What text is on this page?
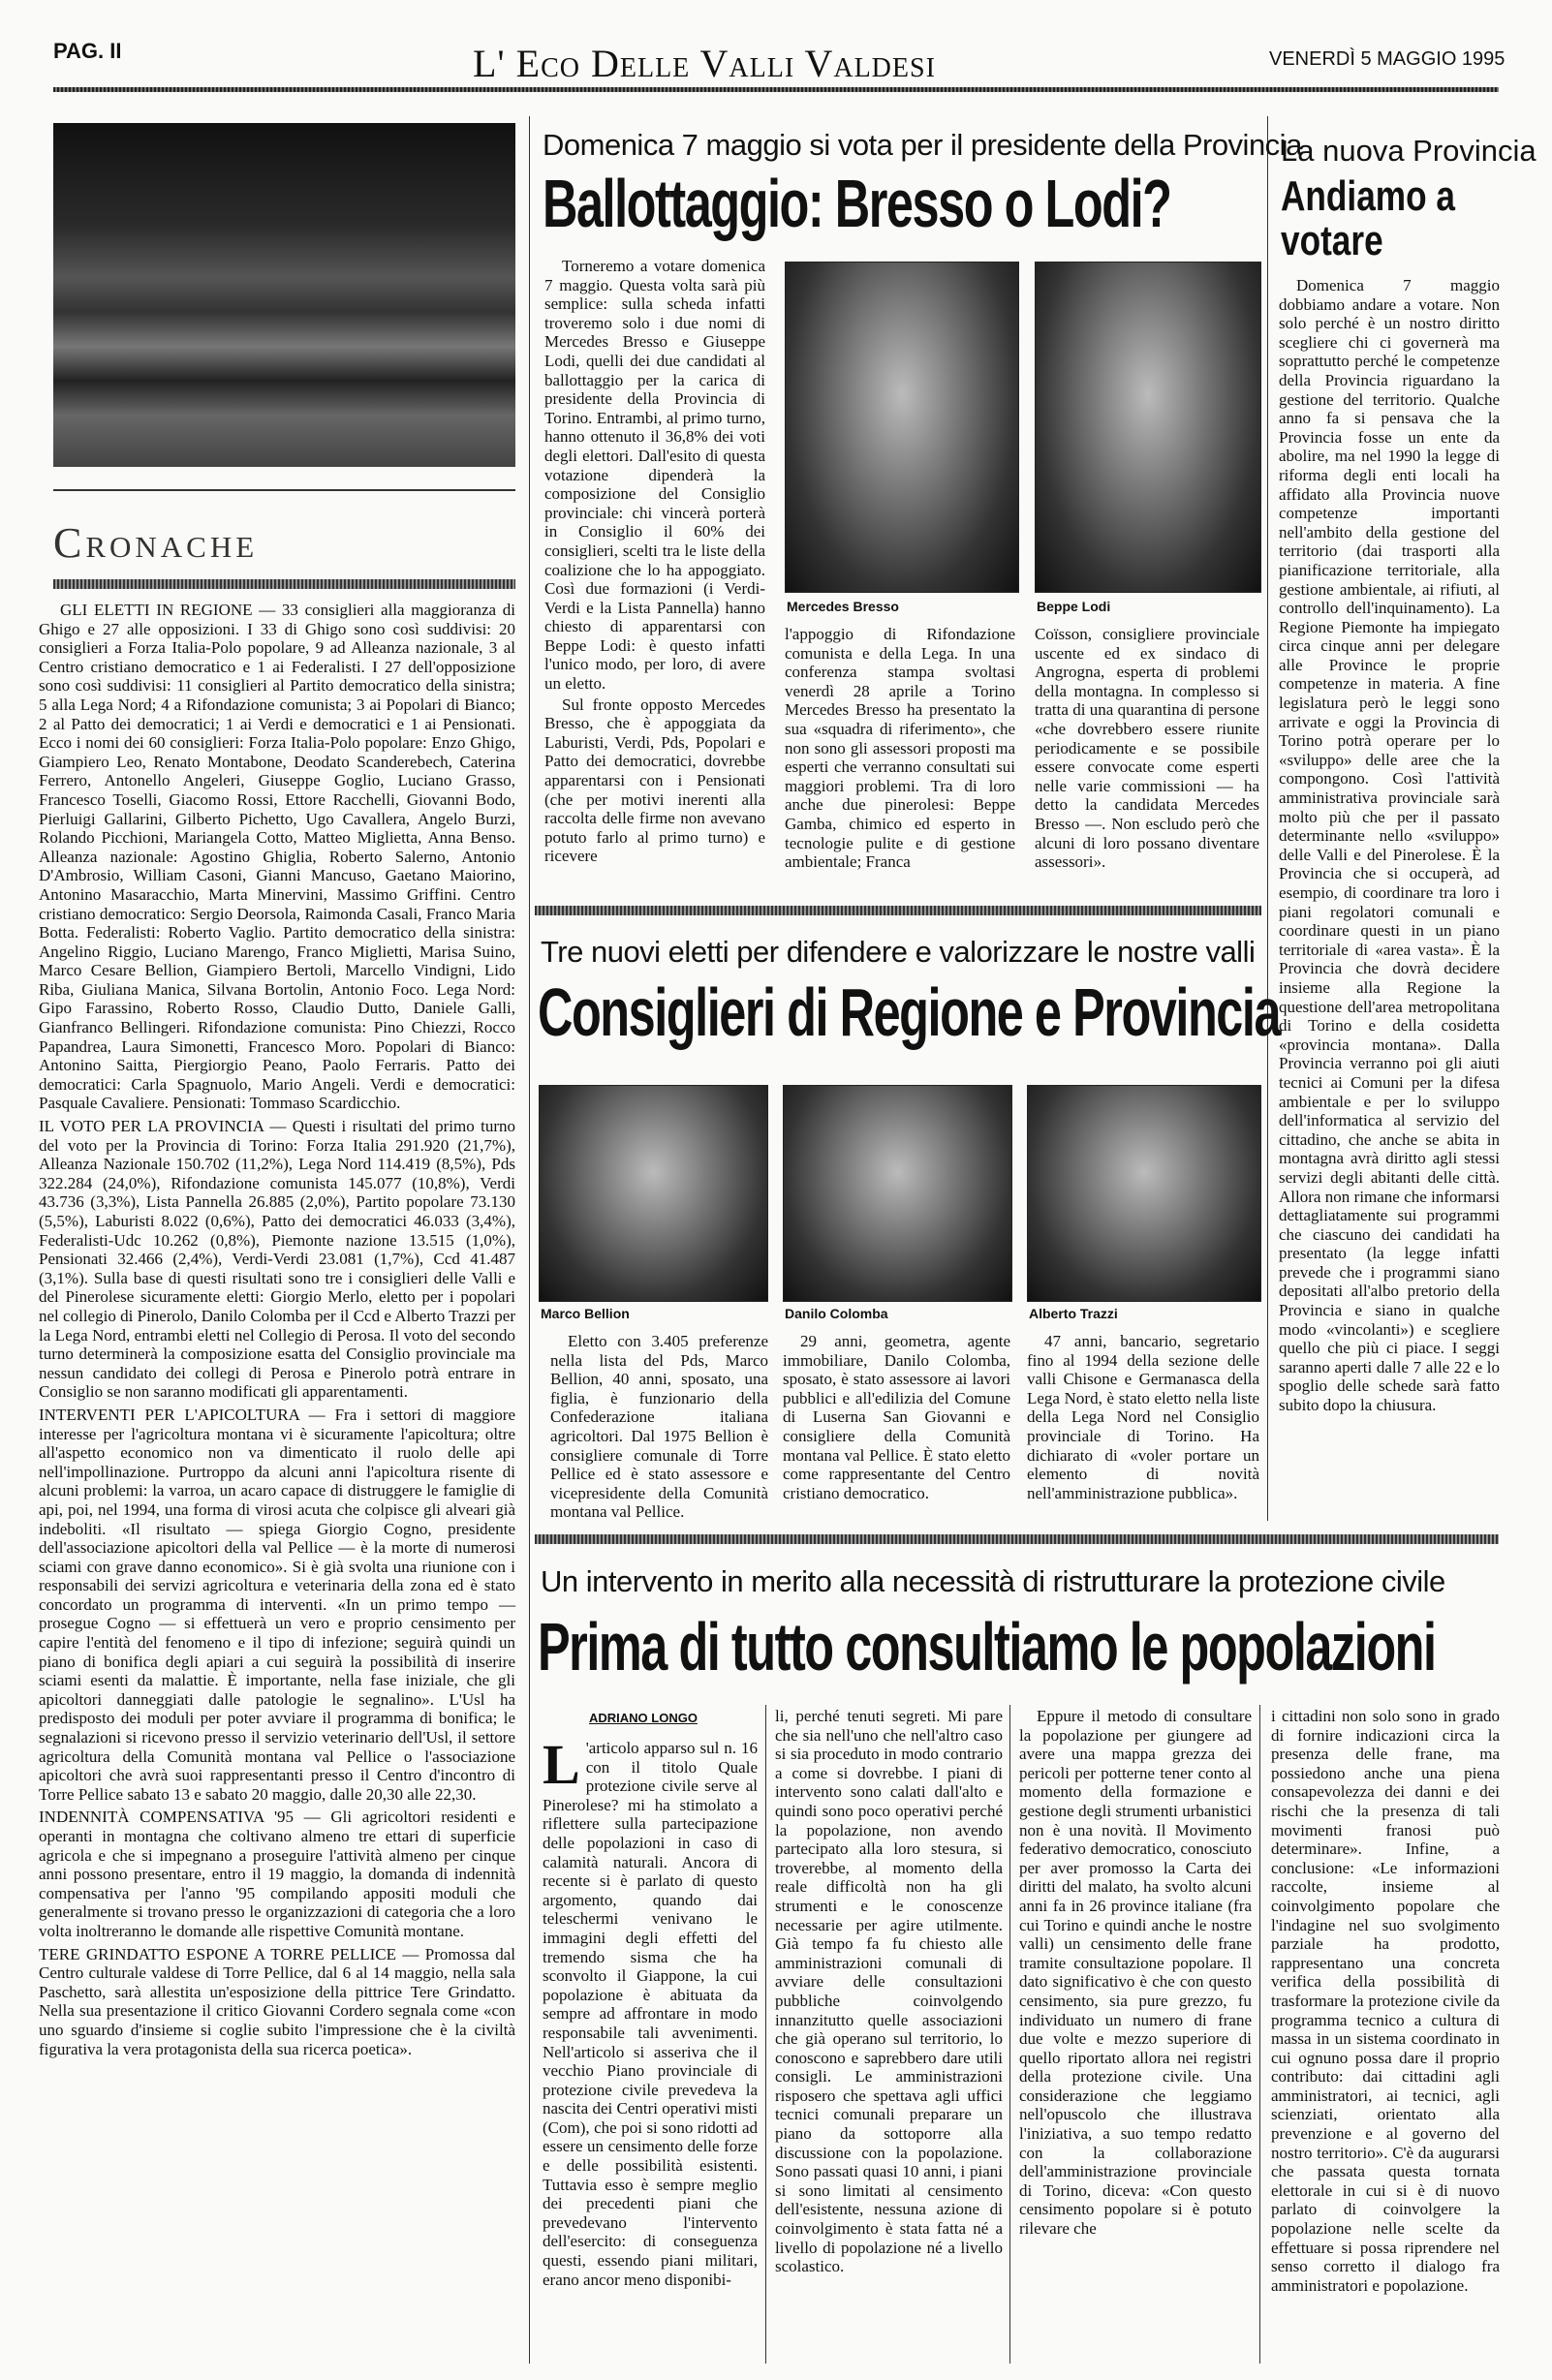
PAG. II	L' Eco Delle Valli Valdesi	VENERDÌ 5 MAGGIO 1995
Cronache

GLI ELETTI IN REGIONE — 33 consiglieri alla maggioranza di Ghigo e 27 alle opposizioni. I 33 di Ghigo sono così suddivisi: 20 consiglieri a Forza Italia-Polo popolare, 9 ad Alleanza nazionale, 3 al Centro cristiano democratico e 1 ai Federalisti. I 27 dell'opposizione sono così suddivisi: 11 consiglieri al Partito democratico della sinistra; 5 alla Lega Nord; 4 a Rifondazione comunista; 3 ai Popolari di Bianco; 2 al Patto dei democratici; 1 ai Verdi e democratici e 1 ai Pensionati. Ecco i nomi dei 60 consiglieri: Forza Italia-Polo popolare: Enzo Ghigo, Giampiero Leo, Renato Montabone, Deodato Scanderebech, Caterina Ferrero, Antonello Angeleri, Giuseppe Goglio, Luciano Grasso, Francesco Toselli, Giacomo Rossi, Ettore Racchelli, Giovanni Bodo, Pierluigi Gallarini, Gilberto Pichetto, Ugo Cavallera, Angelo Burzi, Rolando Picchioni, Mariangela Cotto, Matteo Miglietta, Anna Benso. Alleanza nazionale: Agostino Ghiglia, Roberto Salerno, Antonio D'Ambrosio, William Casoni, Gianni Mancuso, Gaetano Maiorino, Antonino Masaracchio, Marta Minervini, Massimo Griffini. Centro cristiano democratico: Sergio Deorsola, Raimonda Casali, Franco Maria Botta. Federalisti: Roberto Vaglio. Partito democratico della sinistra: Angelino Riggio, Luciano Marengo, Franco Miglietti, Marisa Suino, Marco Cesare Bellion, Giampiero Bertoli, Marcello Vindigni, Lido Riba, Giuliana Manica, Silvana Bortolin, Antonio Foco. Lega Nord: Gipo Farassino, Roberto Rosso, Claudio Dutto, Daniele Galli, Gianfranco Bellingeri. Rifondazione comunista: Pino Chiezzi, Rocco Papandrea, Laura Simonetti, Francesco Moro. Popolari di Bianco: Antonino Saitta, Piergiorgio Peano, Paolo Ferraris. Patto dei democratici: Carla Spagnuolo, Mario Angeli. Verdi e democratici: Pasquale Cavaliere. Pensionati: Tommaso Scardicchio.

IL VOTO PER LA PROVINCIA — Questi i risultati del primo turno del voto per la Provincia di Torino: Forza Italia 291.920 (21,7%), Alleanza Nazionale 150.702 (11,2%), Lega Nord 114.419 (8,5%), Pds 322.284 (24,0%), Rifondazione comunista 145.077 (10,8%), Verdi 43.736 (3,3%), Lista Pannella 26.885 (2,0%), Partito popolare 73.130 (5,5%), Laburisti 8.022 (0,6%), Patto dei democratici 46.033 (3,4%), Federalisti-Udc 10.262 (0,8%), Piemonte nazione 13.515 (1,0%), Pensionati 32.466 (2,4%), Verdi-Verdi 23.081 (1,7%), Ccd 41.487 (3,1%). Sulla base di questi risultati sono tre i consiglieri delle Valli e del Pinerolese sicuramente eletti: Giorgio Merlo, eletto per i popolari nel collegio di Pinerolo, Danilo Colomba per il Ccd e Alberto Trazzi per la Lega Nord, entrambi eletti nel Collegio di Perosa. Il voto del secondo turno determinerà la composizione esatta del Consiglio provinciale ma nessun candidato dei collegi di Perosa e Pinerolo potrà entrare in Consiglio se non saranno modificati gli apparentamenti.

INTERVENTI PER L'APICOLTURA — Fra i settori di maggiore interesse per l'agricoltura montana vi è sicuramente l'apicoltura; oltre all'aspetto economico non va dimenticato il ruolo delle api nell'impollinazione. Purtroppo da alcuni anni l'apicoltura risente di alcuni problemi: la varroa, un acaro capace di distruggere le famiglie di api, poi, nel 1994, una forma di virosi acuta che colpisce gli alveari già indeboliti. «Il risultato — spiega Giorgio Cogno, presidente dell'associazione apicoltori della val Pellice — è la morte di numerosi sciami con grave danno economico». Si è già svolta una riunione con i responsabili dei servizi agricoltura e veterinaria della zona ed è stato concordato un programma di interventi. «In un primo tempo — prosegue Cogno — si effettuerà un vero e proprio censimento per capire l'entità del fenomeno e il tipo di infezione; seguirà quindi un piano di bonifica degli apiari a cui seguirà la possibilità di inserire sciami esenti da malattie. È importante, nella fase iniziale, che gli apicoltori danneggiati dalle patologie le segnalino». L'Usl ha predisposto dei moduli per poter avviare il programma di bonifica; le segnalazioni si ricevono presso il servizio veterinario dell'Usl, il settore agricoltura della Comunità montana val Pellice o l'associazione apicoltori che avrà suoi rappresentanti presso il Centro d'incontro di Torre Pellice sabato 13 e sabato 20 maggio, dalle 20,30 alle 22,30.

INDENNITÀ COMPENSATIVA '95 — Gli agricoltori residenti e operanti in montagna che coltivano almeno tre ettari di superficie agricola e che si impegnano a proseguire l'attività almeno per cinque anni possono presentare, entro il 19 maggio, la domanda di indennità compensativa per l'anno '95 compilando appositi moduli che generalmente si trovano presso le organizzazioni di categoria che a loro volta inoltreranno le domande alle rispettive Comunità montane.

TERE GRINDATTO ESPONE A TORRE PELLICE — Promossa dal Centro culturale valdese di Torre Pellice, dal 6 al 14 maggio, nella sala Paschetto, sarà allestita un'esposizione della pittrice Tere Grindatto. Nella sua presentazione il critico Giovanni Cordero segnala come «con uno sguardo d'insieme si coglie subito l'impressione che è la civiltà figurativa la vera protagonista della sua ricerca poetica».

Domenica 7 maggio si vota per il presidente della Provincia
Ballottaggio: Bresso o Lodi?

Torneremo a votare domenica 7 maggio. Questa volta sarà più semplice: sulla scheda infatti troveremo solo i due nomi di Mercedes Bresso e Giuseppe Lodi, quelli dei due candidati al ballottaggio per la carica di presidente della Provincia di Torino. Entrambi, al primo turno, hanno ottenuto il 36,8% dei voti degli elettori. Dall'esito di questa votazione dipenderà la composizione del Consiglio provinciale: chi vincerà porterà in Consiglio il 60% dei consiglieri, scelti tra le liste della coalizione che lo ha appoggiato. Così due formazioni (i Verdi-Verdi e la Lista Pannella) hanno chiesto di apparentarsi con Beppe Lodi: è questo infatti l'unico modo, per loro, di avere un eletto.

Sul fronte opposto Mercedes Bresso, che è appoggiata da Laburisti, Verdi, Pds, Popolari e Patto dei democratici, dovrebbe apparentarsi con i Pensionati (che per motivi inerenti alla raccolta delle firme non avevano potuto farlo al primo turno) e ricevere

Mercedes Bresso	Beppe Lodi

l'appoggio di Rifondazione comunista e della Lega. In una conferenza stampa svoltasi venerdì 28 aprile a Torino Mercedes Bresso ha presentato la sua «squadra di riferimento», che non sono gli assessori proposti ma esperti che verranno consultati sui maggiori problemi. Tra di loro anche due pinerolesi: Beppe Gamba, chimico ed esperto in tecnologie pulite e di gestione ambientale; Franca

Coïsson, consigliere provinciale uscente ed ex sindaco di Angrogna, esperta di problemi della montagna. In complesso si tratta di una quarantina di persone «che dovrebbero essere riunite periodicamente e se possibile essere convocate come esperti nelle varie commissioni — ha detto la candidata Mercedes Bresso —. Non escludo però che alcuni di loro possano diventare assessori».

Tre nuovi eletti per difendere e valorizzare le nostre valli
Consiglieri di Regione e Provincia
Marco Bellion

Eletto con 3.405 preferenze nella lista del Pds, Marco Bellion, 40 anni, sposato, una figlia, è funzionario della Confederazione italiana agricoltori. Dal 1975 Bellion è consigliere comunale di Torre Pellice ed è stato assessore e vicepresidente della Comunità montana val Pellice.

Danilo Colomba

29 anni, geometra, agente immobiliare, Danilo Colomba, sposato, è stato assessore ai lavori pubblici e all'edilizia del Comune di Luserna San Giovanni e consigliere della Comunità montana val Pellice. È stato eletto come rappresentante del Centro cristiano democratico.

Alberto Trazzi

47 anni, bancario, segretario fino al 1994 della sezione delle valli Chisone e Germanasca della Lega Nord, è stato eletto nella liste della Lega Nord nel Consiglio provinciale di Torino. Ha dichiarato di «voler portare un elemento di novità nell'amministrazione pubblica».

La nuova Provincia
Andiamo a votare

Domenica 7 maggio dobbiamo andare a votare. Non solo perché è un nostro diritto scegliere chi ci governerà ma soprattutto perché le competenze della Provincia riguardano la gestione del territorio. Qualche anno fa si pensava che la Provincia fosse un ente da abolire, ma nel 1990 la legge di riforma degli enti locali ha affidato alla Provincia nuove competenze importanti nell'ambito della gestione del territorio (dai trasporti alla pianificazione territoriale, alla gestione ambientale, ai rifiuti, al controllo dell'inquinamento). La Regione Piemonte ha impiegato circa cinque anni per delegare alle Province le proprie competenze in materia. A fine legislatura però le leggi sono arrivate e oggi la Provincia di Torino potrà operare per lo «sviluppo» delle aree che la compongono. Così l'attività amministrativa provinciale sarà molto più che per il passato determinante nello «sviluppo» delle Valli e del Pinerolese. È la Provincia che si occuperà, ad esempio, di coordinare tra loro i piani regolatori comunali e coordinare questi in un piano territoriale di «area vasta». È la Provincia che dovrà decidere insieme alla Regione la questione dell'area metropolitana di Torino e della cosidetta «provincia montana». Dalla Provincia verranno poi gli aiuti tecnici ai Comuni per la difesa ambientale e per lo sviluppo dell'informatica al servizio del cittadino, che anche se abita in montagna avrà diritto agli stessi servizi degli abitanti delle città. Allora non rimane che informarsi dettagliatamente sui programmi che ciascuno dei candidati ha presentato (la legge infatti prevede che i programmi siano depositati all'albo pretorio della Provincia e siano in qualche modo «vincolanti») e scegliere quello che più ci piace. I seggi saranno aperti dalle 7 alle 22 e lo spoglio delle schede sarà fatto subito dopo la chiusura.

Un intervento in merito alla necessità di ristrutturare la protezione civile
Prima di tutto consultiamo le popolazioni
ADRIANO LONGO

L 'articolo apparso sul n. 16 con il titolo Quale protezione civile serve al Pinerolese? mi ha stimolato a riflettere sulla partecipazione delle popolazioni in caso di calamità naturali. Ancora di recente si è parlato di questo argomento, quando dai teleschermi venivano le immagini degli effetti del tremendo sisma che ha sconvolto il Giappone, la cui popolazione è abituata da sempre ad affrontare in modo responsabile tali avvenimenti. Nell'articolo si asseriva che il vecchio Piano provinciale di protezione civile prevedeva la nascita dei Centri operativi misti (Com), che poi si sono ridotti ad essere un censimento delle forze e delle possibilità esistenti. Tuttavia esso è sempre meglio dei precedenti piani che prevedevano l'intervento dell'esercito: di conseguenza questi, essendo piani militari, erano ancor meno disponibi-

li, perché tenuti segreti. Mi pare che sia nell'uno che nell'altro caso si sia proceduto in modo contrario a come si dovrebbe. I piani di intervento sono calati dall'alto e quindi sono poco operativi perché la popolazione, non avendo partecipato alla loro stesura, si troverebbe, al momento della reale difficoltà non ha gli strumenti e le conoscenze necessarie per agire utilmente. Già tempo fa fu chiesto alle amministrazioni comunali di avviare delle consultazioni pubbliche coinvolgendo innanzitutto quelle associazioni che già operano sul territorio, lo conoscono e saprebbero dare utili consigli. Le amministrazioni risposero che spettava agli uffici tecnici comunali preparare un piano da sottoporre alla discussione con la popolazione. Sono passati quasi 10 anni, i piani si sono limitati al censimento dell'esistente, nessuna azione di coinvolgimento è stata fatta né a livello di popolazione né a livello scolastico.

Eppure il metodo di consultare la popolazione per giungere ad avere una mappa grezza dei pericoli per potterne tener conto al momento della formazione e gestione degli strumenti urbanistici non è una novità. Il Movimento federativo democratico, conosciuto per aver promosso la Carta dei diritti del malato, ha svolto alcuni anni fa in 26 province italiane (fra cui Torino e quindi anche le nostre valli) un censimento delle frane tramite consultazione popolare. Il dato significativo è che con questo censimento, sia pure grezzo, fu individuato un numero di frane due volte e mezzo superiore di quello riportato allora nei registri della protezione civile. Una considerazione che leggiamo nell'opuscolo che illustrava l'iniziativa, a suo tempo redatto con la collaborazione dell'amministrazione provinciale di Torino, diceva: «Con questo censimento popolare si è potuto rilevare che

i cittadini non solo sono in grado di fornire indicazioni circa la presenza delle frane, ma possiedono anche una piena consapevolezza dei danni e dei rischi che la presenza di tali movimenti franosi può determinare». Infine, a conclusione: «Le informazioni raccolte, insieme al coinvolgimento popolare che l'indagine nel suo svolgimento parziale ha prodotto, rappresentano una concreta verifica della possibilità di trasformare la protezione civile da programma tecnico a cultura di massa in un sistema coordinato in cui ognuno possa dare il proprio contributo: dai cittadini agli amministratori, ai tecnici, agli scienziati, orientato alla prevenzione e al governo del nostro territorio». C'è da augurarsi che passata questa tornata elettorale in cui si è di nuovo parlato di coinvolgere la popolazione nelle scelte da effettuare si possa riprendere nel senso corretto il dialogo fra amministratori e popolazione.
